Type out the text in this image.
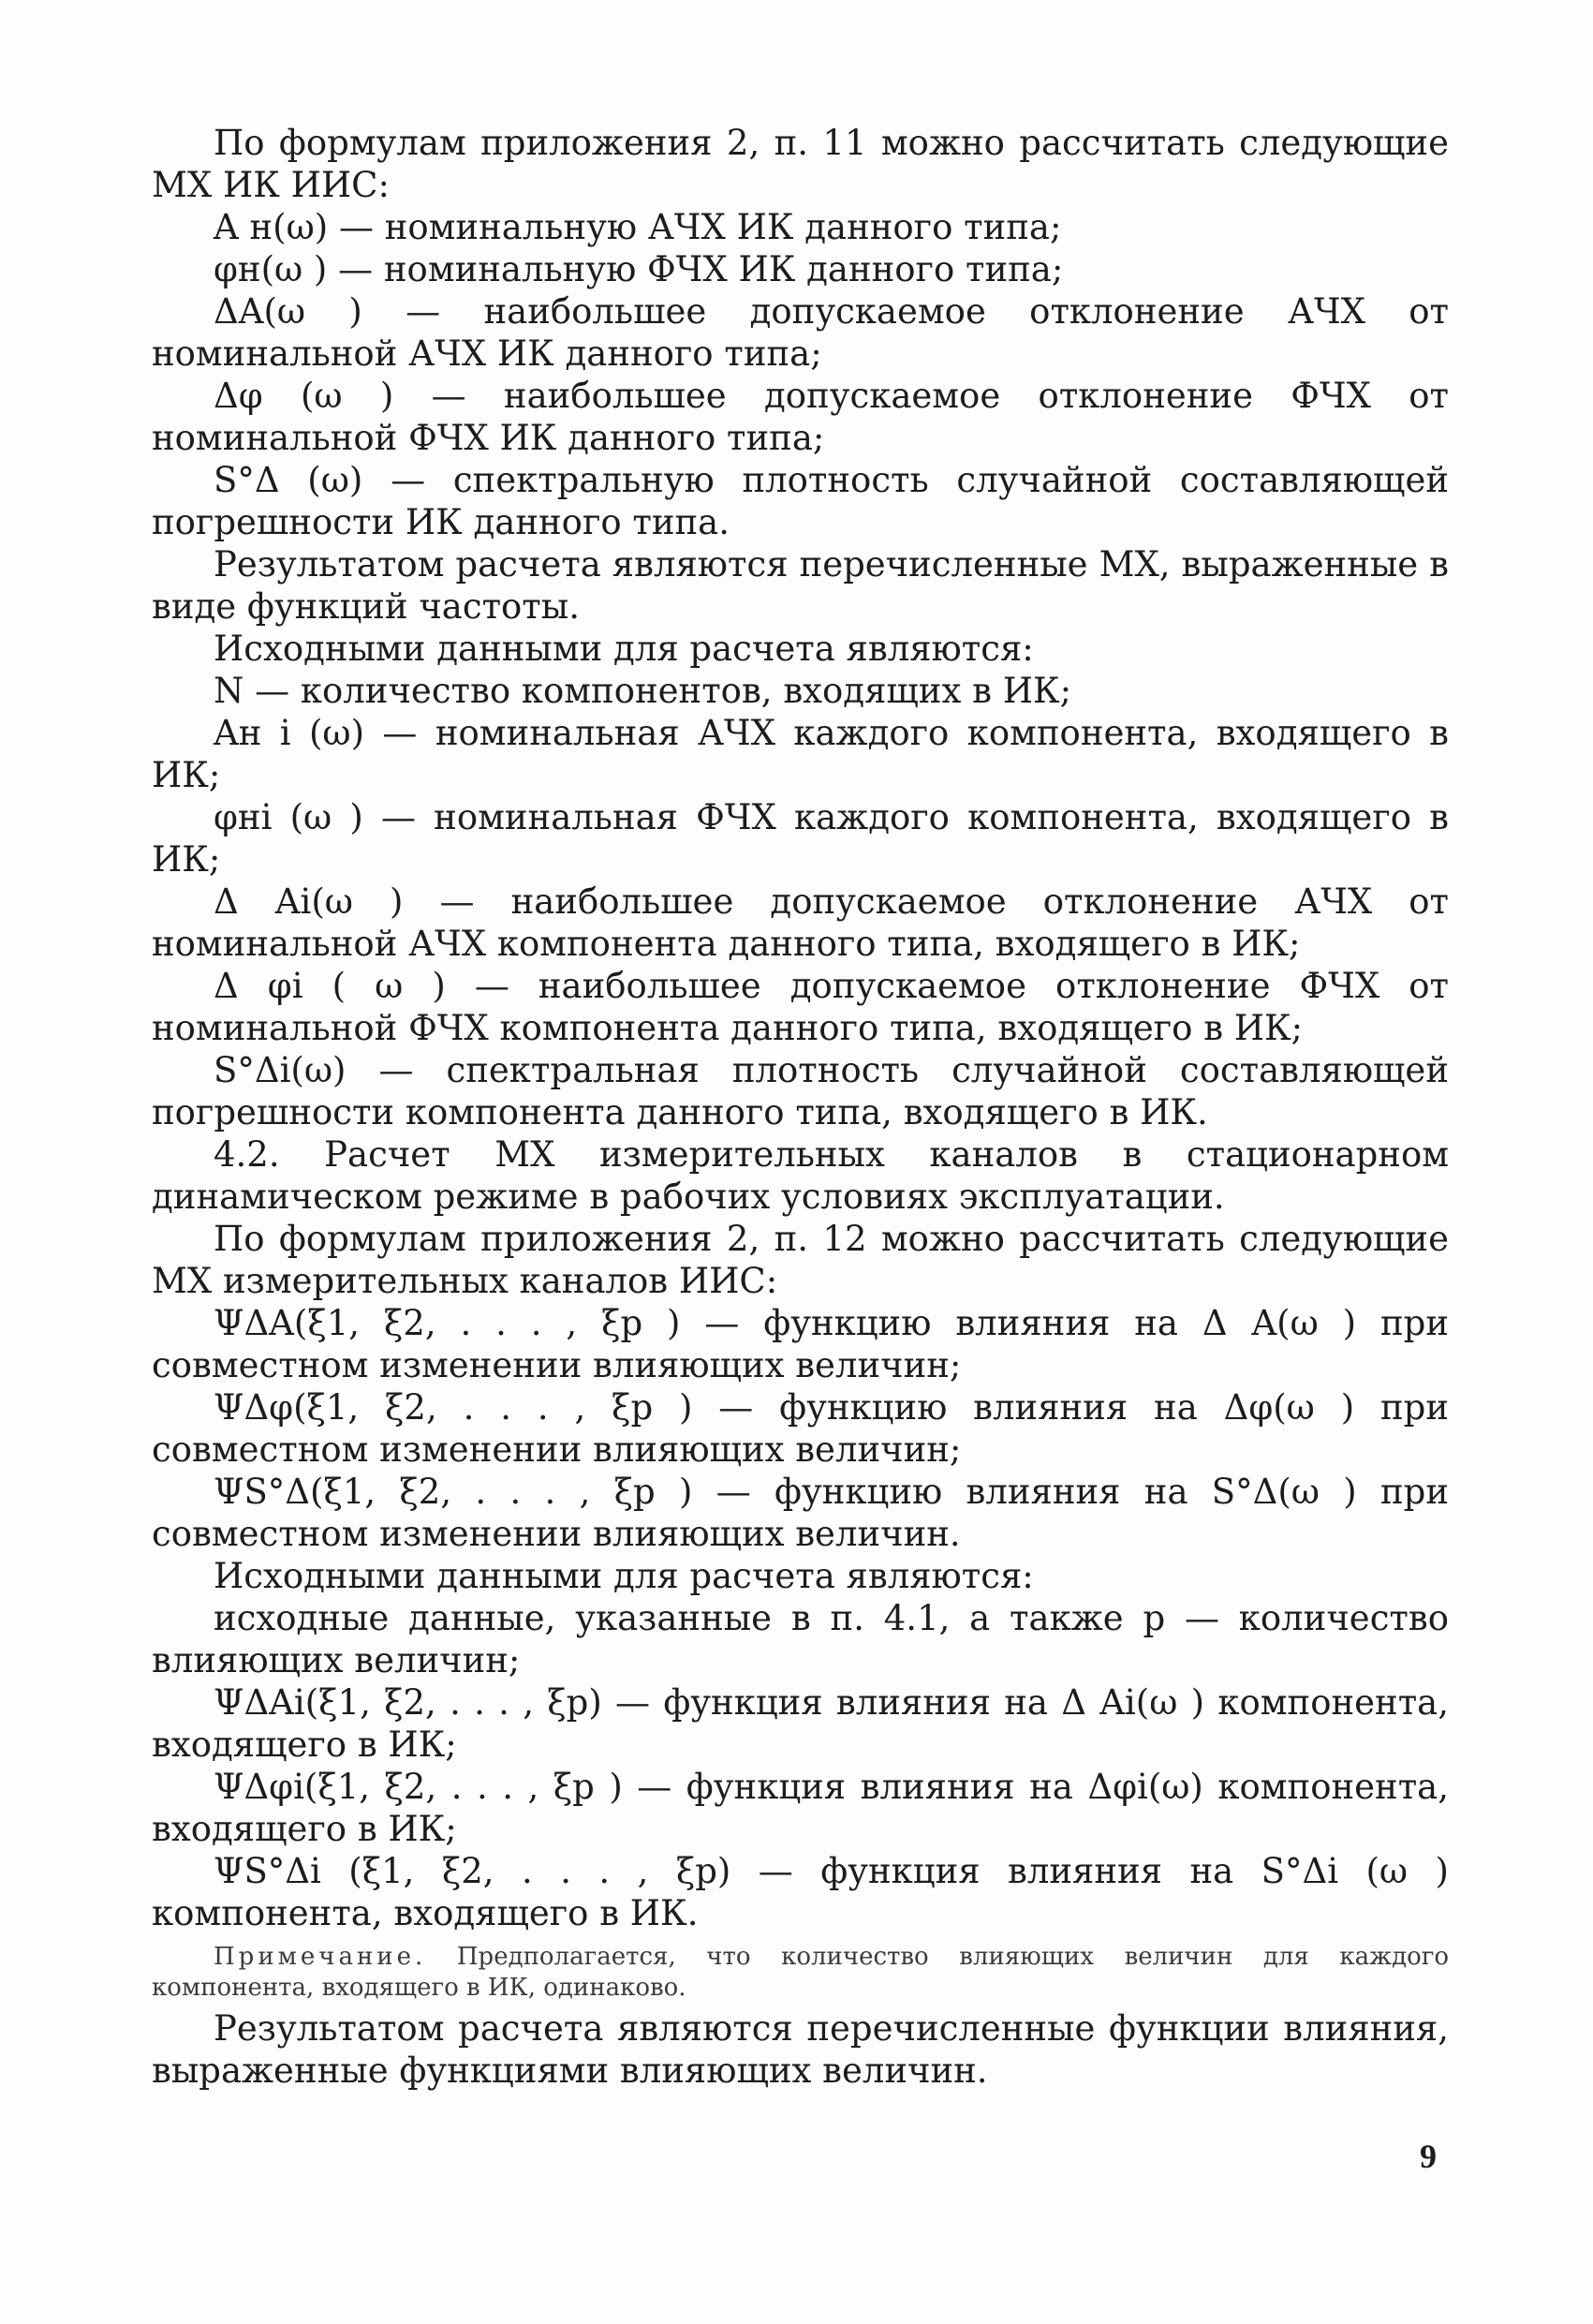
По формулам приложения 2, п. 11 можно рассчитать следующие МХ ИК ИИС:

A н(ω) — номинальную АЧХ ИК данного типа;

φн(ω ) — номинальную ФЧХ ИК данного типа;

ΔA(ω ) — наибольшее допускаемое отклонение АЧХ от номинальной АЧХ ИК данного типа;

Δφ (ω ) — наибольшее допускаемое отклонение ФЧХ от номинальной ФЧХ ИК данного типа;

S°Δ (ω) — спектральную плотность случайной составляющей погрешности ИК данного типа.

Результатом расчета являются перечисленные МХ, выраженные в виде функций частоты.

Исходными данными для расчета являются:

N — количество компонентов, входящих в ИК;

Aн i (ω) — номинальная АЧХ каждого компонента, входящего в ИК;

φнi (ω ) — номинальная ФЧХ каждого компонента, входящего в ИК;

Δ Ai(ω ) — наибольшее допускаемое отклонение АЧХ от номинальной АЧХ компонента данного типа, входящего в ИК;

Δ φi ( ω ) — наибольшее допускаемое отклонение ФЧХ от номинальной ФЧХ компонента данного типа, входящего в ИК;

S°Δi(ω) — спектральная плотность случайной составляющей погрешности компонента данного типа, входящего в ИК.

4.2. Расчет МХ измерительных каналов в стационарном динамическом режиме в рабочих условиях эксплуатации.

По формулам приложения 2, п. 12 можно рассчитать следующие МХ измерительных каналов ИИС:

ΨΔA(ξ1, ξ2, . . . , ξp ) — функцию влияния на Δ A(ω ) при совместном изменении влияющих величин;

ΨΔφ(ξ1, ξ2, . . . , ξp ) — функцию влияния на Δφ(ω ) при совместном изменении влияющих величин;

ΨS°Δ(ξ1, ξ2, . . . , ξp ) — функцию влияния на S°Δ(ω ) при совместном изменении влияющих величин.

Исходными данными для расчета являются:

исходные данные, указанные в п. 4.1, а также p — количество влияющих величин;

ΨΔAi(ξ1, ξ2, . . . , ξp) — функция влияния на Δ Ai(ω ) компонента, входящего в ИК;

ΨΔφi(ξ1, ξ2, . . . , ξp ) — функция влияния на Δφi(ω) компонента, входящего в ИК;

ΨS°Δi (ξ1, ξ2, . . . , ξp) — функция влияния на S°Δi (ω ) компонента, входящего в ИК.

Примечание. Предполагается, что количество влияющих величин для каждого компонента, входящего в ИК, одинаково.

Результатом расчета являются перечисленные функции влияния, выраженные функциями влияющих величин.

9
